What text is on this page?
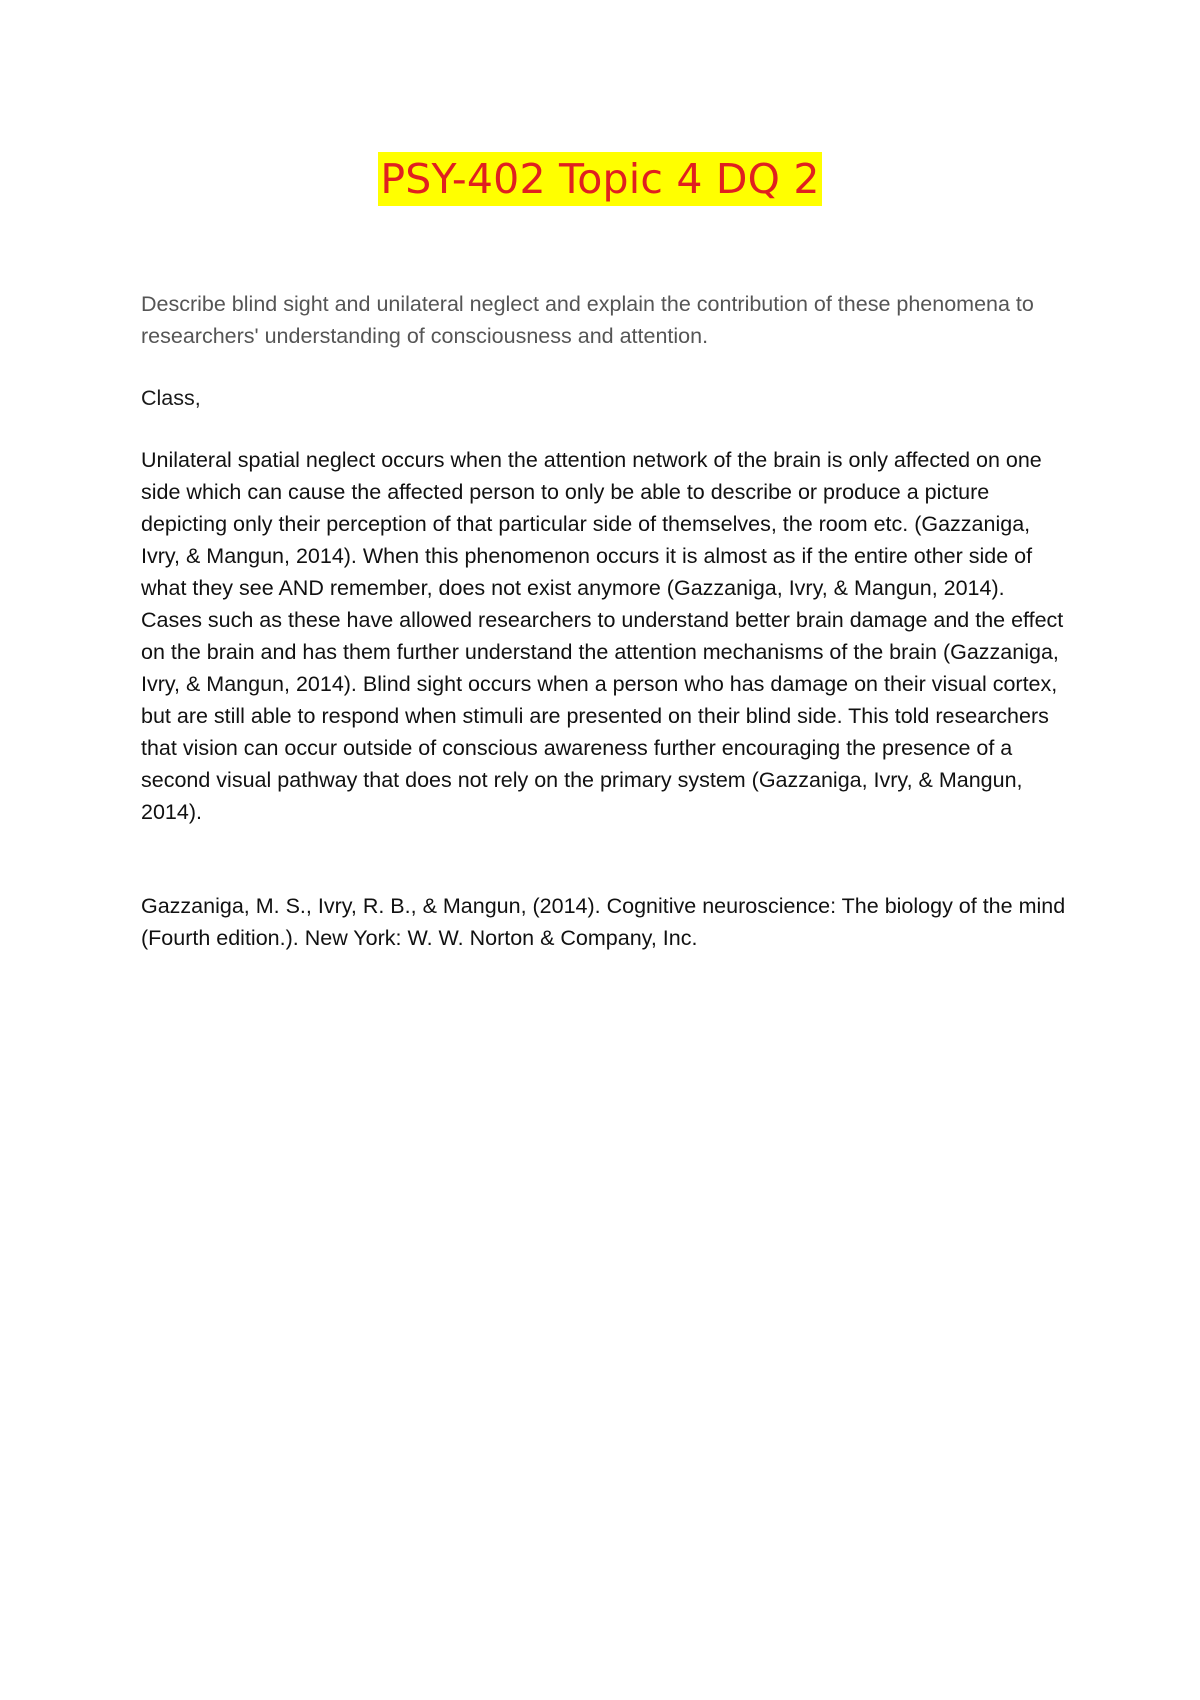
PSY-402 Topic 4 DQ 2

Describe blind sight and unilateral neglect and explain the contribution of these phenomena to researchers' understanding of consciousness and attention.

Class,

Unilateral spatial neglect occurs when the attention network of the brain is only affected on one side which can cause the affected person to only be able to describe or produce a picture depicting only their perception of that particular side of themselves, the room etc. (Gazzaniga, Ivry, & Mangun, 2014). When this phenomenon occurs it is almost as if the entire other side of what they see AND remember, does not exist anymore (Gazzaniga, Ivry, & Mangun, 2014). Cases such as these have allowed researchers to understand better brain damage and the effect on the brain and has them further understand the attention mechanisms of the brain (Gazzaniga, Ivry, & Mangun, 2014). Blind sight occurs when a person who has damage on their visual cortex, but are still able to respond when stimuli are presented on their blind side. This told researchers that vision can occur outside of conscious awareness further encouraging the presence of a second visual pathway that does not rely on the primary system (Gazzaniga, Ivry, & Mangun, 2014).

Gazzaniga, M. S., Ivry, R. B., & Mangun, (2014). Cognitive neuroscience: The biology of the mind (Fourth edition.). New York: W. W. Norton & Company, Inc.
